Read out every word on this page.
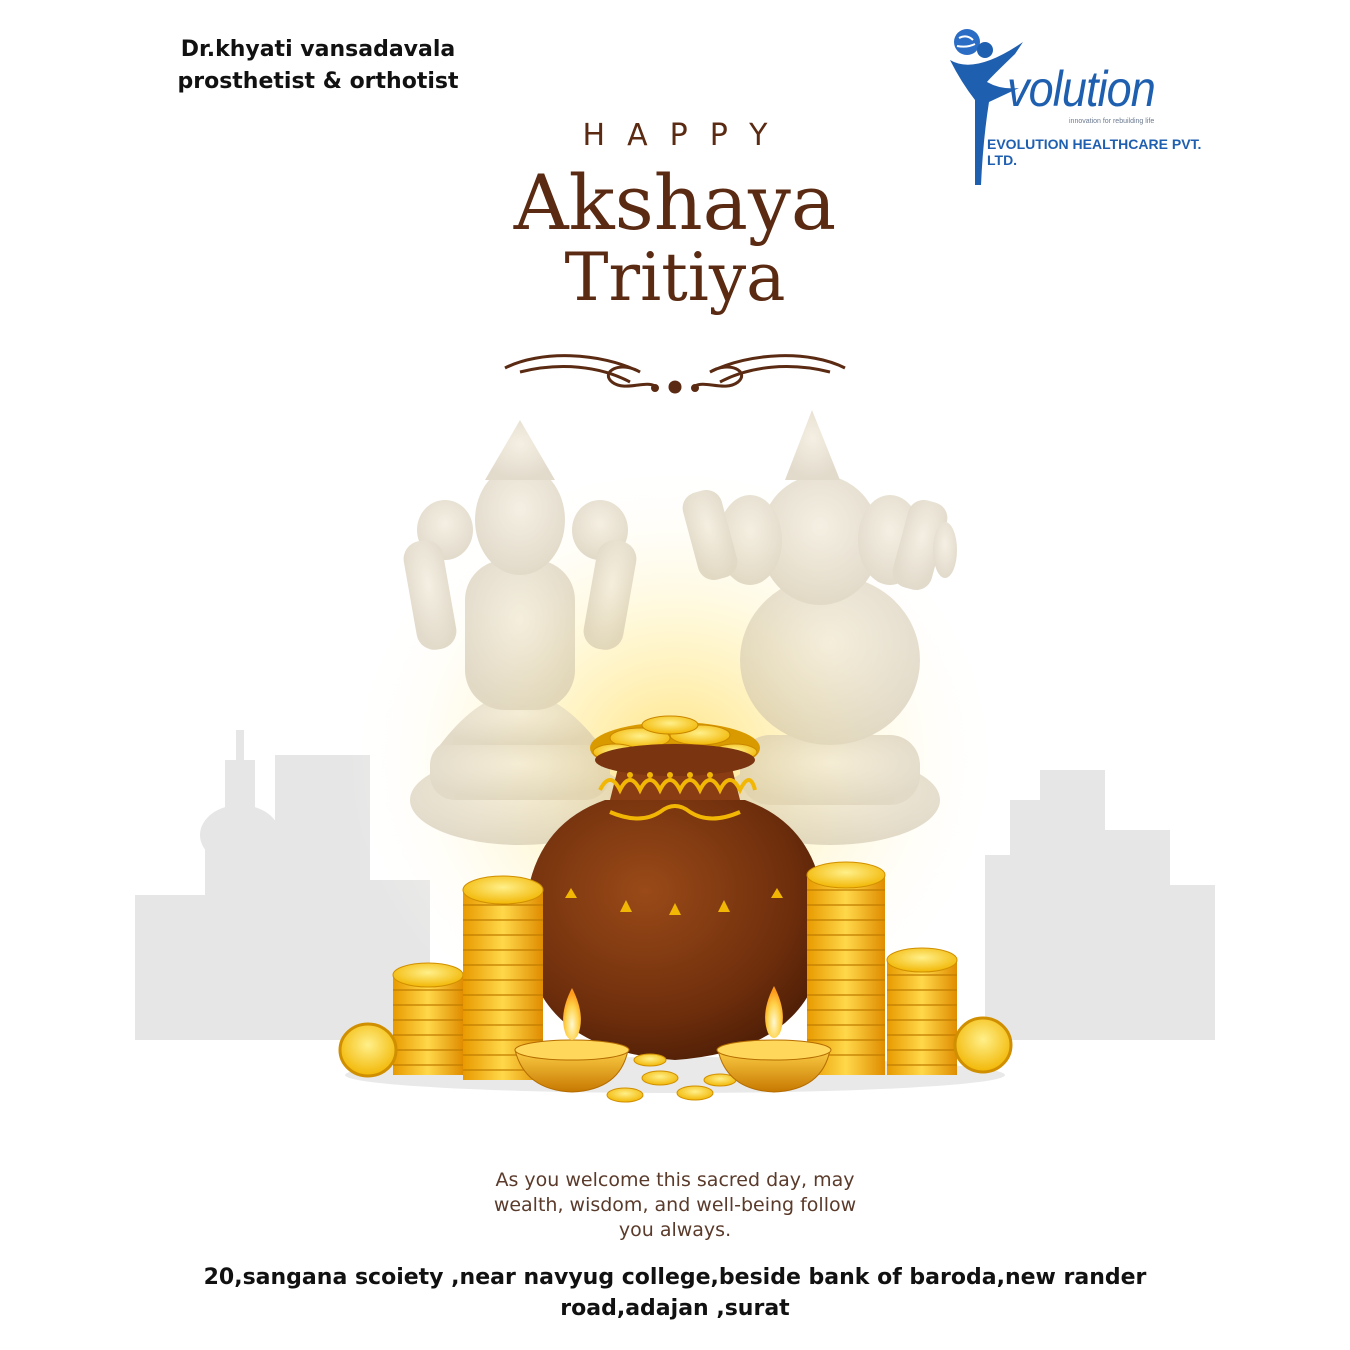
Dr.khyati vansadavala
prosthetist & orthotist	volution
innovation for rebuilding life
EVOLUTION HEALTHCARE PVT. LTD.
HAPPY
Akshaya
Tritiya
As you welcome this sacred day, may
wealth, wisdom, and well-being follow
you always.
20,sangana scoiety ,near navyug college,beside bank of baroda,new rander
road,adajan ,surat
